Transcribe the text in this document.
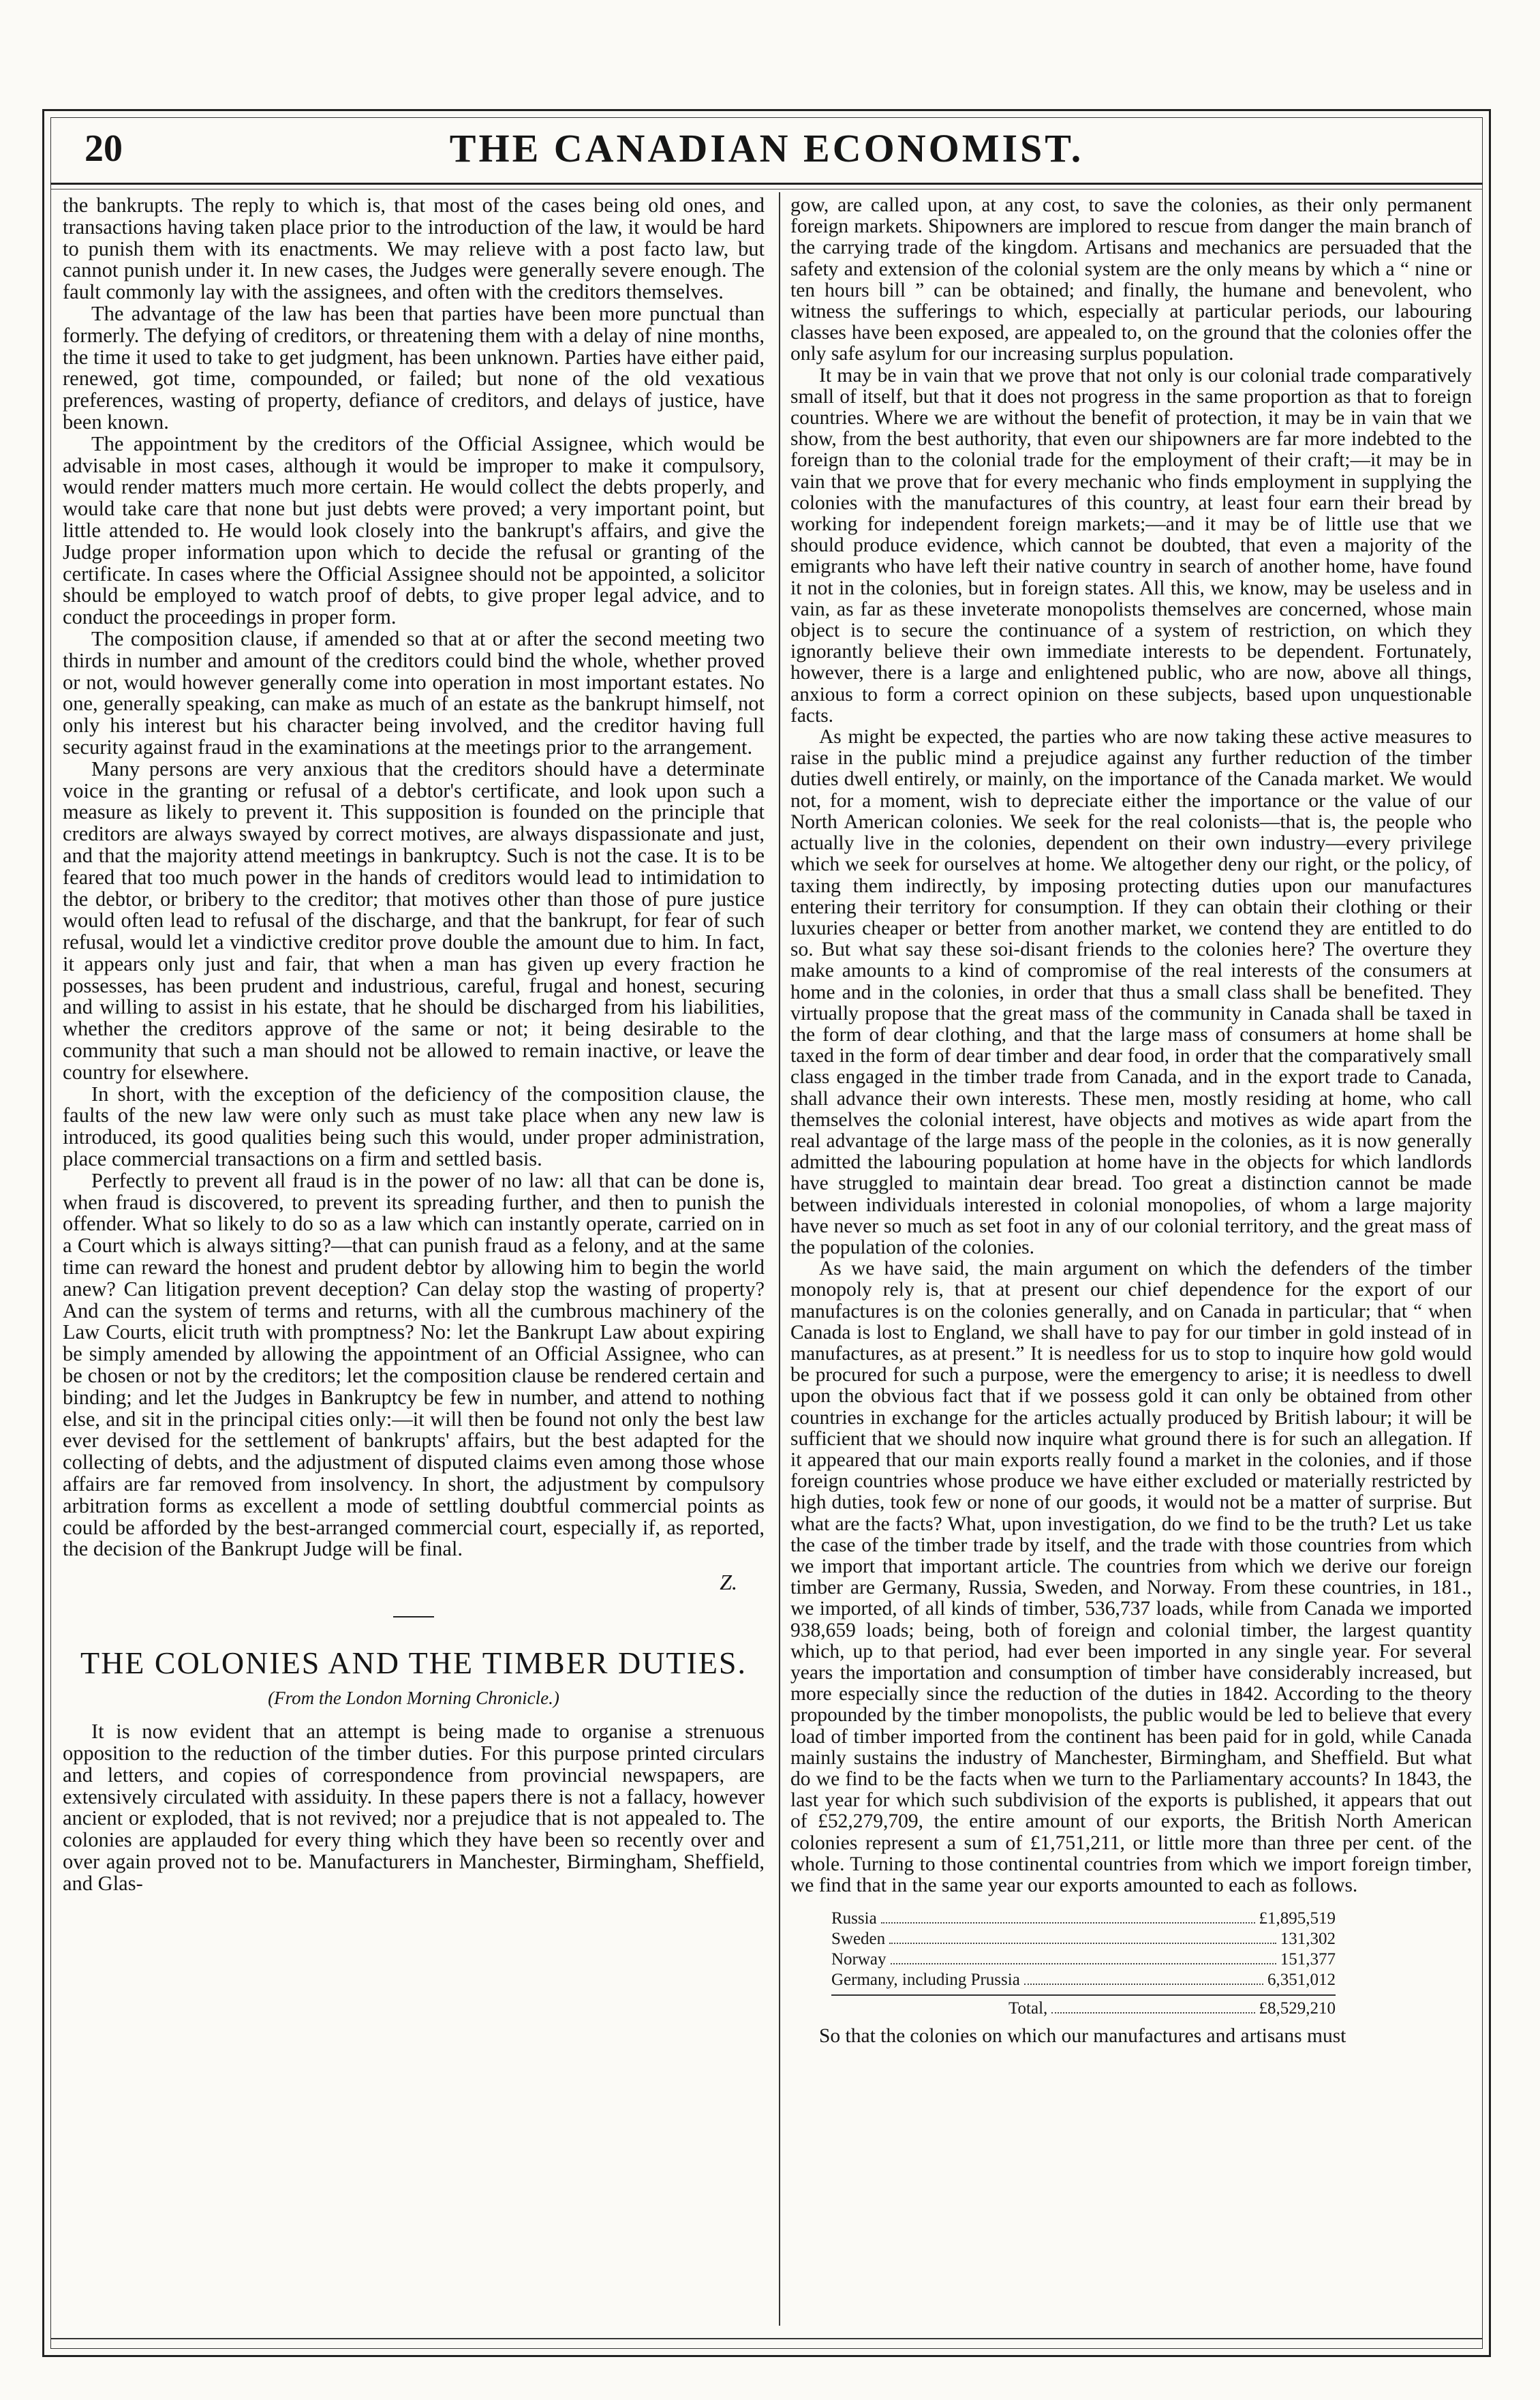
20	THE CANADIAN ECONOMIST.

the bankrupts. The reply to which is, that most of the cases being old ones, and transactions having taken place prior to the introduction of the law, it would be hard to punish them with its enactments. We may relieve with a post facto law, but cannot punish under it. In new cases, the Judges were generally severe enough. The fault commonly lay with the assignees, and often with the creditors themselves.

The advantage of the law has been that parties have been more punctual than formerly. The defying of creditors, or threatening them with a delay of nine months, the time it used to take to get judgment, has been unknown. Parties have either paid, renewed, got time, compounded, or failed; but none of the old vexatious preferences, wasting of property, defiance of creditors, and delays of justice, have been known.

The appointment by the creditors of the Official Assignee, which would be advisable in most cases, although it would be improper to make it compulsory, would render matters much more certain. He would collect the debts properly, and would take care that none but just debts were proved; a very important point, but little attended to. He would look closely into the bankrupt's affairs, and give the Judge proper information upon which to decide the refusal or granting of the certificate. In cases where the Official Assignee should not be appointed, a solicitor should be employed to watch proof of debts, to give proper legal advice, and to conduct the proceedings in proper form.

The composition clause, if amended so that at or after the second meeting two thirds in number and amount of the creditors could bind the whole, whether proved or not, would however generally come into operation in most important estates. No one, generally speaking, can make as much of an estate as the bankrupt himself, not only his interest but his character being involved, and the creditor having full security against fraud in the examinations at the meetings prior to the arrangement.

Many persons are very anxious that the creditors should have a determinate voice in the granting or refusal of a debtor's certificate, and look upon such a measure as likely to prevent it. This supposition is founded on the principle that creditors are always swayed by correct motives, are always dispassionate and just, and that the majority attend meetings in bankruptcy. Such is not the case. It is to be feared that too much power in the hands of creditors would lead to intimidation to the debtor, or bribery to the creditor; that motives other than those of pure justice would often lead to refusal of the discharge, and that the bankrupt, for fear of such refusal, would let a vindictive creditor prove double the amount due to him. In fact, it appears only just and fair, that when a man has given up every fraction he possesses, has been prudent and industrious, careful, frugal and honest, securing and willing to assist in his estate, that he should be discharged from his liabilities, whether the creditors approve of the same or not; it being desirable to the community that such a man should not be allowed to remain inactive, or leave the country for elsewhere.

In short, with the exception of the deficiency of the composition clause, the faults of the new law were only such as must take place when any new law is introduced, its good qualities being such this would, under proper administration, place commercial transactions on a firm and settled basis.

Perfectly to prevent all fraud is in the power of no law: all that can be done is, when fraud is discovered, to prevent its spreading further, and then to punish the offender. What so likely to do so as a law which can instantly operate, carried on in a Court which is always sitting?—that can punish fraud as a felony, and at the same time can reward the honest and prudent debtor by allowing him to begin the world anew? Can litigation prevent deception? Can delay stop the wasting of property? And can the system of terms and returns, with all the cumbrous machinery of the Law Courts, elicit truth with promptness? No: let the Bankrupt Law about expiring be simply amended by allowing the appointment of an Official Assignee, who can be chosen or not by the creditors; let the composition clause be rendered certain and binding; and let the Judges in Bankruptcy be few in number, and attend to nothing else, and sit in the principal cities only:—it will then be found not only the best law ever devised for the settlement of bankrupts' affairs, but the best adapted for the collecting of debts, and the adjustment of disputed claims even among those whose affairs are far removed from insolvency. In short, the adjustment by compulsory arbitration forms as excellent a mode of settling doubtful commercial points as could be afforded by the best-arranged commercial court, especially if, as reported, the decision of the Bankrupt Judge will be final.

Z.
THE COLONIES AND THE TIMBER DUTIES.
(From the London Morning Chronicle.)

It is now evident that an attempt is being made to organise a strenuous opposition to the reduction of the timber duties. For this purpose printed circulars and letters, and copies of correspondence from provincial newspapers, are extensively circulated with assiduity. In these papers there is not a fallacy, however ancient or exploded, that is not revived; nor a prejudice that is not appealed to. The colonies are applauded for every thing which they have been so recently over and over again proved not to be. Manufacturers in Manchester, Birmingham, Sheffield, and Glas-

gow, are called upon, at any cost, to save the colonies, as their only permanent foreign markets. Shipowners are implored to rescue from danger the main branch of the carrying trade of the kingdom. Artisans and mechanics are persuaded that the safety and extension of the colonial system are the only means by which a “ nine or ten hours bill ” can be obtained; and finally, the humane and benevolent, who witness the sufferings to which, especially at particular periods, our labouring classes have been exposed, are appealed to, on the ground that the colonies offer the only safe asylum for our increasing surplus population.

It may be in vain that we prove that not only is our colonial trade comparatively small of itself, but that it does not progress in the same proportion as that to foreign countries. Where we are without the benefit of protection, it may be in vain that we show, from the best authority, that even our shipowners are far more indebted to the foreign than to the colonial trade for the employment of their craft;—it may be in vain that we prove that for every mechanic who finds employment in supplying the colonies with the manufactures of this country, at least four earn their bread by working for independent foreign markets;—and it may be of little use that we should produce evidence, which cannot be doubted, that even a majority of the emigrants who have left their native country in search of another home, have found it not in the colonies, but in foreign states. All this, we know, may be useless and in vain, as far as these inveterate monopolists themselves are concerned, whose main object is to secure the continuance of a system of restriction, on which they ignorantly believe their own immediate interests to be dependent. Fortunately, however, there is a large and enlightened public, who are now, above all things, anxious to form a correct opinion on these subjects, based upon unquestionable facts.

As might be expected, the parties who are now taking these active measures to raise in the public mind a prejudice against any further reduction of the timber duties dwell entirely, or mainly, on the importance of the Canada market. We would not, for a moment, wish to depreciate either the importance or the value of our North American colonies. We seek for the real colonists—that is, the people who actually live in the colonies, dependent on their own industry—every privilege which we seek for ourselves at home. We altogether deny our right, or the policy, of taxing them indirectly, by imposing protecting duties upon our manufactures entering their territory for consumption. If they can obtain their clothing or their luxuries cheaper or better from another market, we contend they are entitled to do so. But what say these soi-disant friends to the colonies here? The overture they make amounts to a kind of compromise of the real interests of the consumers at home and in the colonies, in order that thus a small class shall be benefited. They virtually propose that the great mass of the community in Canada shall be taxed in the form of dear clothing, and that the large mass of consumers at home shall be taxed in the form of dear timber and dear food, in order that the comparatively small class engaged in the timber trade from Canada, and in the export trade to Canada, shall advance their own interests. These men, mostly residing at home, who call themselves the colonial interest, have objects and motives as wide apart from the real advantage of the large mass of the people in the colonies, as it is now generally admitted the labouring population at home have in the objects for which landlords have struggled to maintain dear bread. Too great a distinction cannot be made between individuals interested in colonial monopolies, of whom a large majority have never so much as set foot in any of our colonial territory, and the great mass of the population of the colonies.

As we have said, the main argument on which the defenders of the timber monopoly rely is, that at present our chief dependence for the export of our manufactures is on the colonies generally, and on Canada in particular; that “ when Canada is lost to England, we shall have to pay for our timber in gold instead of in manufactures, as at present.” It is needless for us to stop to inquire how gold would be procured for such a purpose, were the emergency to arise; it is needless to dwell upon the obvious fact that if we possess gold it can only be obtained from other countries in exchange for the articles actually produced by British labour; it will be sufficient that we should now inquire what ground there is for such an allegation. If it appeared that our main exports really found a market in the colonies, and if those foreign countries whose produce we have either excluded or materially restricted by high duties, took few or none of our goods, it would not be a matter of surprise. But what are the facts? What, upon investigation, do we find to be the truth? Let us take the case of the timber trade by itself, and the trade with those countries from which we import that important article. The countries from which we derive our foreign timber are Germany, Russia, Sweden, and Norway. From these countries, in 181., we imported, of all kinds of timber, 536,737 loads, while from Canada we imported 938,659 loads; being, both of foreign and colonial timber, the largest quantity which, up to that period, had ever been imported in any single year. For several years the importation and consumption of timber have considerably increased, but more especially since the reduction of the duties in 1842. According to the theory propounded by the timber monopolists, the public would be led to believe that every load of timber imported from the continent has been paid for in gold, while Canada mainly sustains the industry of Manchester, Birmingham, and Sheffield. But what do we find to be the facts when we turn to the Parliamentary accounts? In 1843, the last year for which such subdivision of the exports is published, it appears that out of £52,279,709, the entire amount of our exports, the British North American colonies represent a sum of £1,751,211, or little more than three per cent. of the whole. Turning to those continental countries from which we import foreign timber, we find that in the same year our exports amounted to each as follows.

Russia	£1,895,519
Sweden	131,302
Norway	151,377
Germany, including Prussia	6,351,012
Total,	£8,529,210

So that the colonies on which our manufactures and artisans must
